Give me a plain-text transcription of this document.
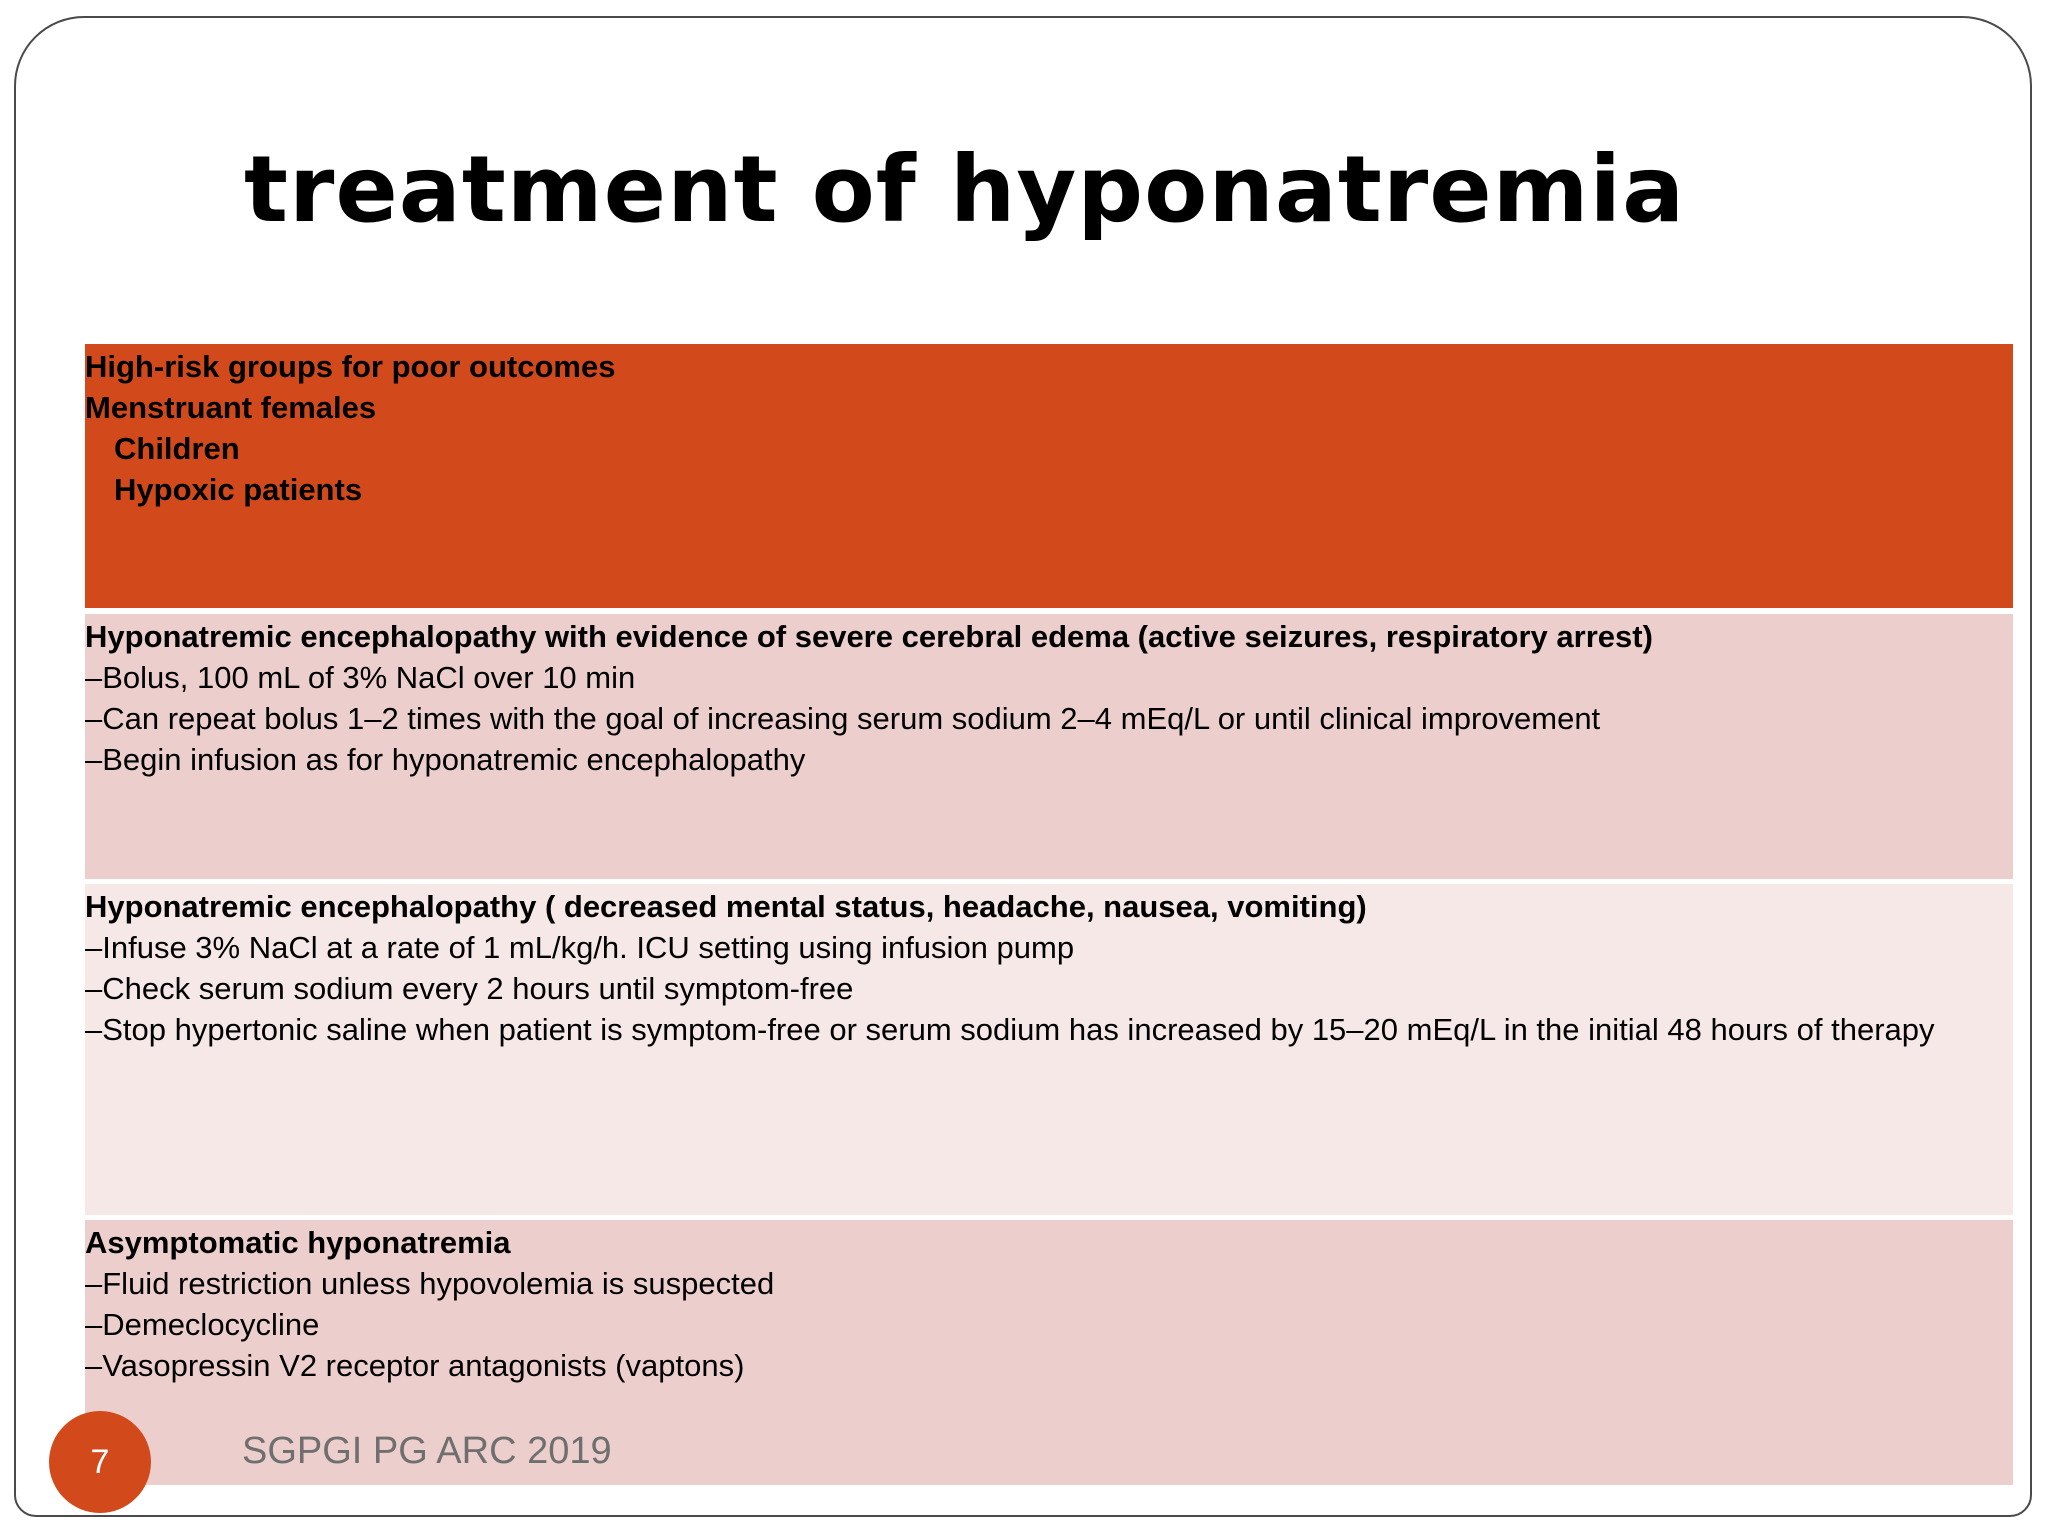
treatment of hyponatremia
High-risk groups for poor outcomes
Menstruant females
Children
Hypoxic patients
Hyponatremic encephalopathy with evidence of severe cerebral edema (active seizures, respiratory arrest)
–Bolus, 100 mL of 3% NaCl over 10 min
–Can repeat bolus 1–2 times with the goal of increasing serum sodium 2–4 mEq/L or until clinical improvement
–Begin infusion as for hyponatremic encephalopathy
Hyponatremic encephalopathy ( decreased mental status, headache, nausea, vomiting)
–Infuse 3% NaCl at a rate of 1 mL/kg/h. ICU setting using infusion pump
–Check serum sodium every 2 hours until symptom-free
–Stop hypertonic saline when patient is symptom-free or serum sodium has increased by 15–20 mEq/L in the initial 48 hours of therapy
Asymptomatic hyponatremia
–Fluid restriction unless hypovolemia is suspected
–Demeclocycline
–Vasopressin V2 receptor antagonists (vaptons)
7	SGPGI PG ARC 2019
